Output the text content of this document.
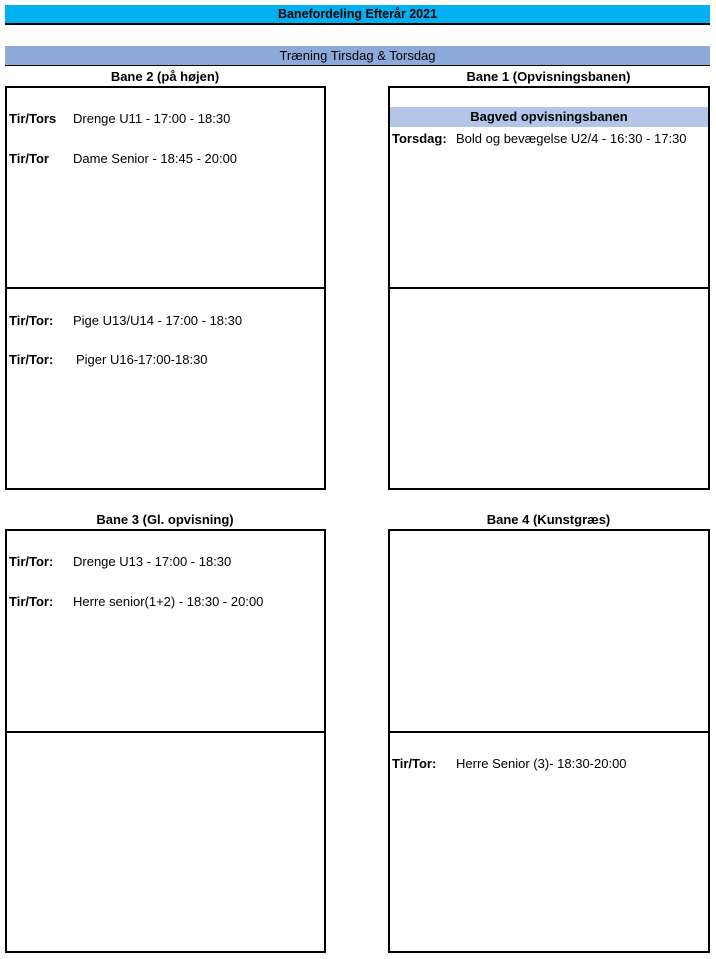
Banefordeling Efterår 2021
Træning Tirsdag & Torsdag
Bane 2 (på højen)
Tir/Tors Drenge U11 - 17:00 - 18:30
Tir/Tor Dame Senior - 18:45 - 20:00
Tir/Tor: Pige U13/U14 - 17:00 - 18:30
Tir/Tor: Piger U16-17:00-18:30
Bane 1 (Opvisningsbanen)
Bagved opvisningsbanen
Torsdag: Bold og bevægelse U2/4 - 16:30 - 17:30
Bane 3 (Gl. opvisning)
Tir/Tor: Drenge U13 - 17:00 - 18:30
Tir/Tor: Herre senior(1+2) - 18:30 - 20:00
Bane 4 (Kunstgræs)
Tir/Tor: Herre Senior (3)- 18:30-20:00
